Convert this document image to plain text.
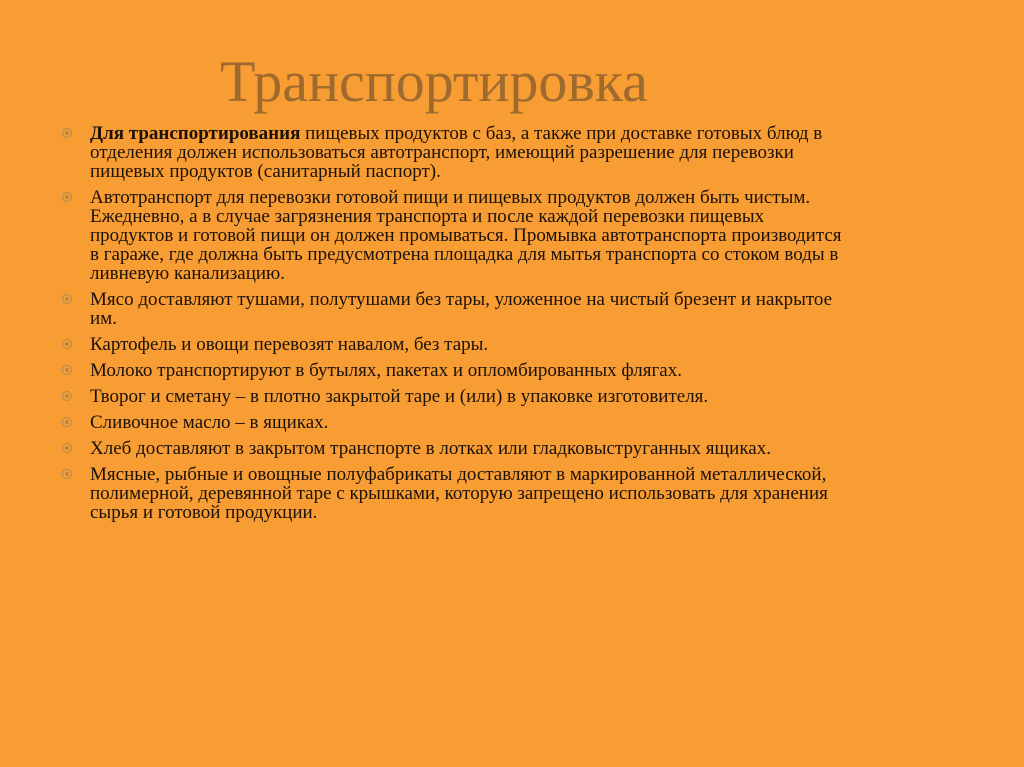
Транспортировка
Для транспортирования пищевых продуктов с баз, а также при доставке готовых блюд в отделения должен использоваться автотранспорт, имеющий разрешение для перевозки пищевых продуктов (санитарный паспорт).
Автотранспорт для перевозки готовой пищи и пищевых продуктов должен быть чистым. Ежедневно, а в случае загрязнения транспорта и после каждой перевозки пищевых продуктов и готовой пищи он должен промываться. Промывка автотранспорта производится в гараже, где должна быть предусмотрена площадка для мытья транспорта со стоком воды в ливневую канализацию.
Мясо доставляют тушами, полутушами без тары, уложенное на чистый брезент и накрытое им.
Картофель и овощи перевозят навалом, без тары.
Молоко транспортируют в бутылях, пакетах и опломбированных флягах.
Творог и сметану – в плотно закрытой таре и (или) в упаковке изготовителя.
Сливочное масло – в ящиках.
Хлеб доставляют в закрытом транспорте в лотках или гладковыструганных ящиках.
Мясные, рыбные и овощные полуфабрикаты доставляют в маркированной металлической, полимерной, деревянной таре с крышками, которую запрещено использовать для хранения сырья и готовой продукции.
